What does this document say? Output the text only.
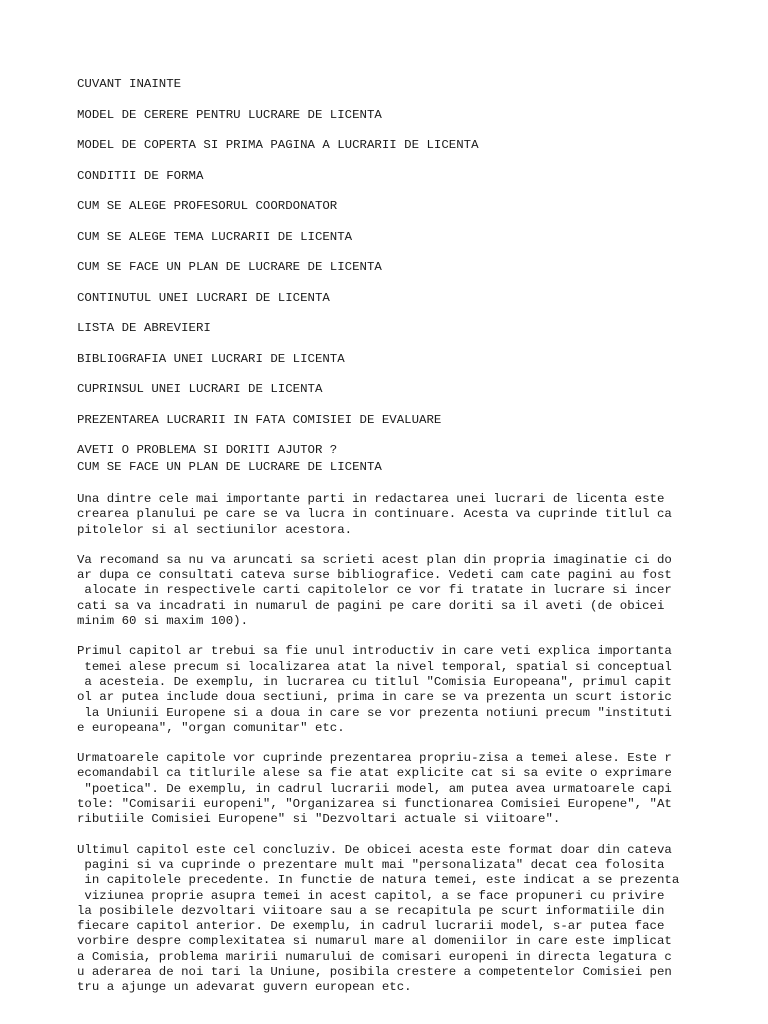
CUVANT INAINTE
MODEL DE CERERE PENTRU LUCRARE DE LICENTA
MODEL DE COPERTA SI PRIMA PAGINA A LUCRARII DE LICENTA
CONDITII DE FORMA
CUM SE ALEGE PROFESORUL COORDONATOR
CUM SE ALEGE TEMA LUCRARII DE LICENTA
CUM SE FACE UN PLAN DE LUCRARE DE LICENTA
CONTINUTUL UNEI LUCRARI DE LICENTA
LISTA DE ABREVIERI
BIBLIOGRAFIA UNEI LUCRARI DE LICENTA
CUPRINSUL UNEI LUCRARI DE LICENTA
PREZENTAREA LUCRARII IN FATA COMISIEI DE EVALUARE
AVETI O PROBLEMA SI DORITI AJUTOR ?
CUM SE FACE UN PLAN DE LUCRARE DE LICENTA
Una dintre cele mai importante parti in redactarea unei lucrari de licenta este
crearea planului pe care se va lucra in continuare. Acesta va cuprinde titlul ca
pitolelor si al sectiunilor acestora.
Va recomand sa nu va aruncati sa scrieti acest plan din propria imaginatie ci do
ar dupa ce consultati cateva surse bibliografice. Vedeti cam cate pagini au fost
alocate in respectivele carti capitolelor ce vor fi tratate in lucrare si incer
cati sa va incadrati in numarul de pagini pe care doriti sa il aveti (de obicei
minim 60 si maxim 100).
Primul capitol ar trebui sa fie unul introductiv in care veti explica importanta
temei alese precum si localizarea atat la nivel temporal, spatial si conceptual
a acesteia. De exemplu, in lucrarea cu titlul "Comisia Europeana", primul capit
ol ar putea include doua sectiuni, prima in care se va prezenta un scurt istoric
la Uniunii Europene si a doua in care se vor prezenta notiuni precum "instituti
e europeana", "organ comunitar" etc.
Urmatoarele capitole vor cuprinde prezentarea propriu-zisa a temei alese. Este r
ecomandabil ca titlurile alese sa fie atat explicite cat si sa evite o exprimare
"poetica". De exemplu, in cadrul lucrarii model, am putea avea urmatoarele capi
tole: "Comisarii europeni", "Organizarea si functionarea Comisiei Europene", "At
ributiile Comisiei Europene" si "Dezvoltari actuale si viitoare".
Ultimul capitol este cel concluziv. De obicei acesta este format doar din cateva
pagini si va cuprinde o prezentare mult mai "personalizata" decat cea folosita
in capitolele precedente. In functie de natura temei, este indicat a se prezenta
viziunea proprie asupra temei in acest capitol, a se face propuneri cu privire
la posibilele dezvoltari viitoare sau a se recapitula pe scurt informatiile din
fiecare capitol anterior. De exemplu, in cadrul lucrarii model, s-ar putea face
vorbire despre complexitatea si numarul mare al domeniilor in care este implicat
a Comisia, problema maririi numarului de comisari europeni in directa legatura c
u aderarea de noi tari la Uniune, posibila crestere a competentelor Comisiei pen
tru a ajunge un adevarat guvern european etc.
